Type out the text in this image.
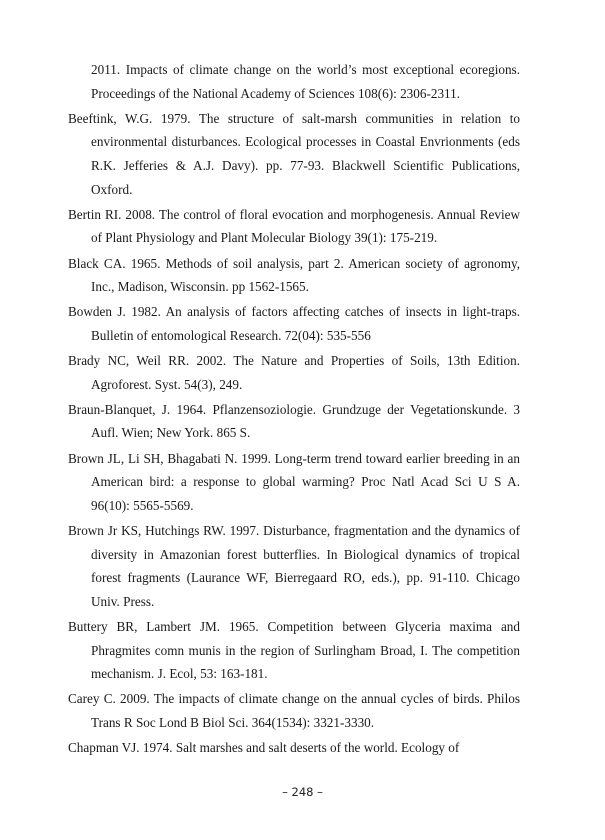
2011. Impacts of climate change on the world’s most exceptional ecoregions. Proceedings of the National Academy of Sciences 108(6): 2306-2311.

Beeftink, W.G. 1979. The structure of salt-marsh communities in relation to environmental disturbances. Ecological processes in Coastal Envrionments (eds R.K. Jefferies & A.J. Davy). pp. 77-93. Blackwell Scientific Publications, Oxford.

Bertin RI. 2008. The control of floral evocation and morphogenesis. Annual Review of Plant Physiology and Plant Molecular Biology 39(1): 175-219.

Black CA. 1965. Methods of soil analysis, part 2. American society of agronomy, Inc., Madison, Wisconsin. pp 1562-1565.

Bowden J. 1982. An analysis of factors affecting catches of insects in light-traps. Bulletin of entomological Research. 72(04): 535-556

Brady NC, Weil RR. 2002. The Nature and Properties of Soils, 13th Edition. Agroforest. Syst. 54(3), 249.

Braun-Blanquet, J. 1964. Pflanzensoziologie. Grundzuge der Vegetationskunde. 3 Aufl. Wien; New York. 865 S.

Brown JL, Li SH, Bhagabati N. 1999. Long-term trend toward earlier breeding in an American bird: a response to global warming? Proc Natl Acad Sci U S A. 96(10): 5565-5569.

Brown Jr KS, Hutchings RW. 1997. Disturbance, fragmentation and the dynamics of diversity in Amazonian forest butterflies. In Biological dynamics of tropical forest fragments (Laurance WF, Bierregaard RO, eds.), pp. 91-110. Chicago Univ. Press.

Buttery BR, Lambert JM. 1965. Competition between Glyceria maxima and Phragmites comn munis in the region of Surlingham Broad, I. The competition mechanism. J. Ecol, 53: 163-181.

Carey C. 2009. The impacts of climate change on the annual cycles of birds. Philos Trans R Soc Lond B Biol Sci. 364(1534): 3321-3330.

Chapman VJ. 1974. Salt marshes and salt deserts of the world. Ecology of

– 248 –
